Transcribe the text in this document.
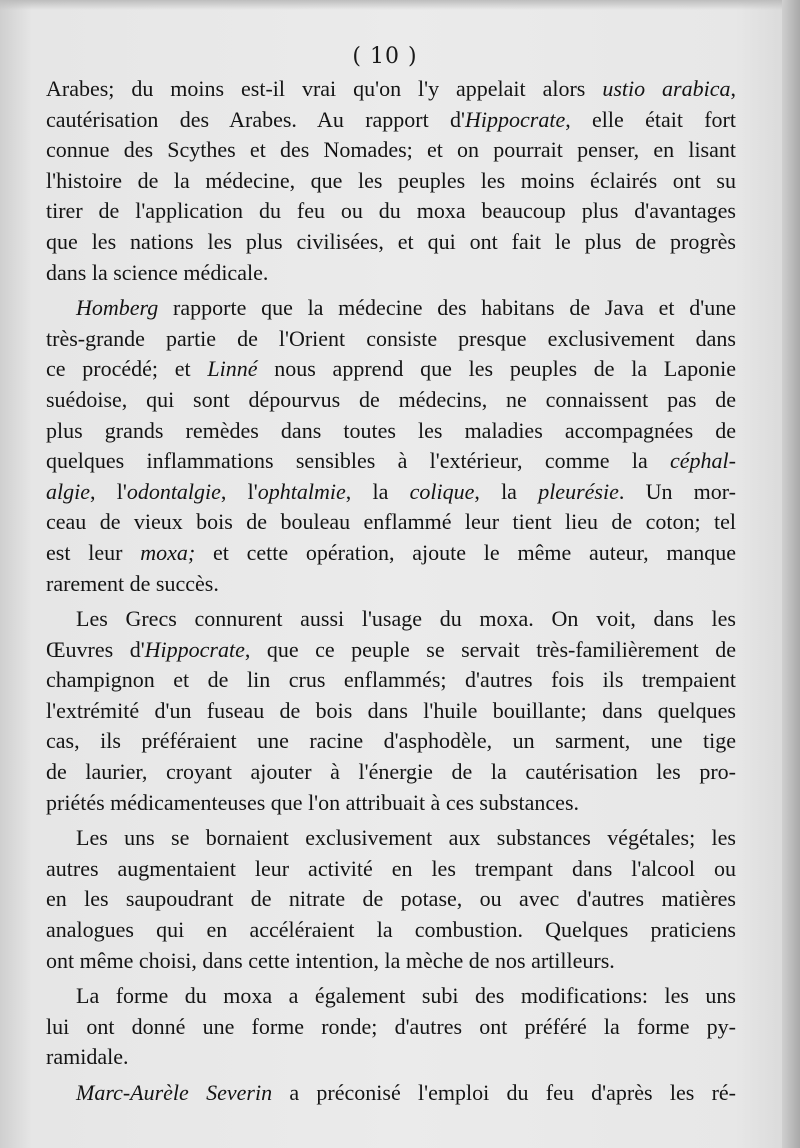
( 10 )
Arabes; du moins est-il vrai qu'on l'y appelait alors ustio arabica,
cautérisation des Arabes. Au rapport d'Hippocrate, elle était fort
connue des Scythes et des Nomades; et on pourrait penser, en lisant
l'histoire de la médecine, que les peuples les moins éclairés ont su
tirer de l'application du feu ou du moxa beaucoup plus d'avantages
que les nations les plus civilisées, et qui ont fait le plus de progrès
dans la science médicale.
Homberg rapporte que la médecine des habitans de Java et d'une
très-grande partie de l'Orient consiste presque exclusivement dans
ce procédé; et Linné nous apprend que les peuples de la Laponie
suédoise, qui sont dépourvus de médecins, ne connaissent pas de
plus grands remèdes dans toutes les maladies accompagnées de
quelques inflammations sensibles à l'extérieur, comme la céphal-
algie, l'odontalgie, l'ophtalmie, la colique, la pleurésie. Un mor-
ceau de vieux bois de bouleau enflammé leur tient lieu de coton; tel
est leur moxa; et cette opération, ajoute le même auteur, manque
rarement de succès.
Les Grecs connurent aussi l'usage du moxa. On voit, dans les
Œuvres d'Hippocrate, que ce peuple se servait très-familièrement de
champignon et de lin crus enflammés; d'autres fois ils trempaient
l'extrémité d'un fuseau de bois dans l'huile bouillante; dans quelques
cas, ils préféraient une racine d'asphodèle, un sarment, une tige
de laurier, croyant ajouter à l'énergie de la cautérisation les pro-
priétés médicamenteuses que l'on attribuait à ces substances.
Les uns se bornaient exclusivement aux substances végétales; les
autres augmentaient leur activité en les trempant dans l'alcool ou
en les saupoudrant de nitrate de potase, ou avec d'autres matières
analogues qui en accéléraient la combustion. Quelques praticiens
ont même choisi, dans cette intention, la mèche de nos artilleurs.
La forme du moxa a également subi des modifications: les uns
lui ont donné une forme ronde; d'autres ont préféré la forme py-
ramidale.
Marc-Aurèle Severin a préconisé l'emploi du feu d'après les ré-
